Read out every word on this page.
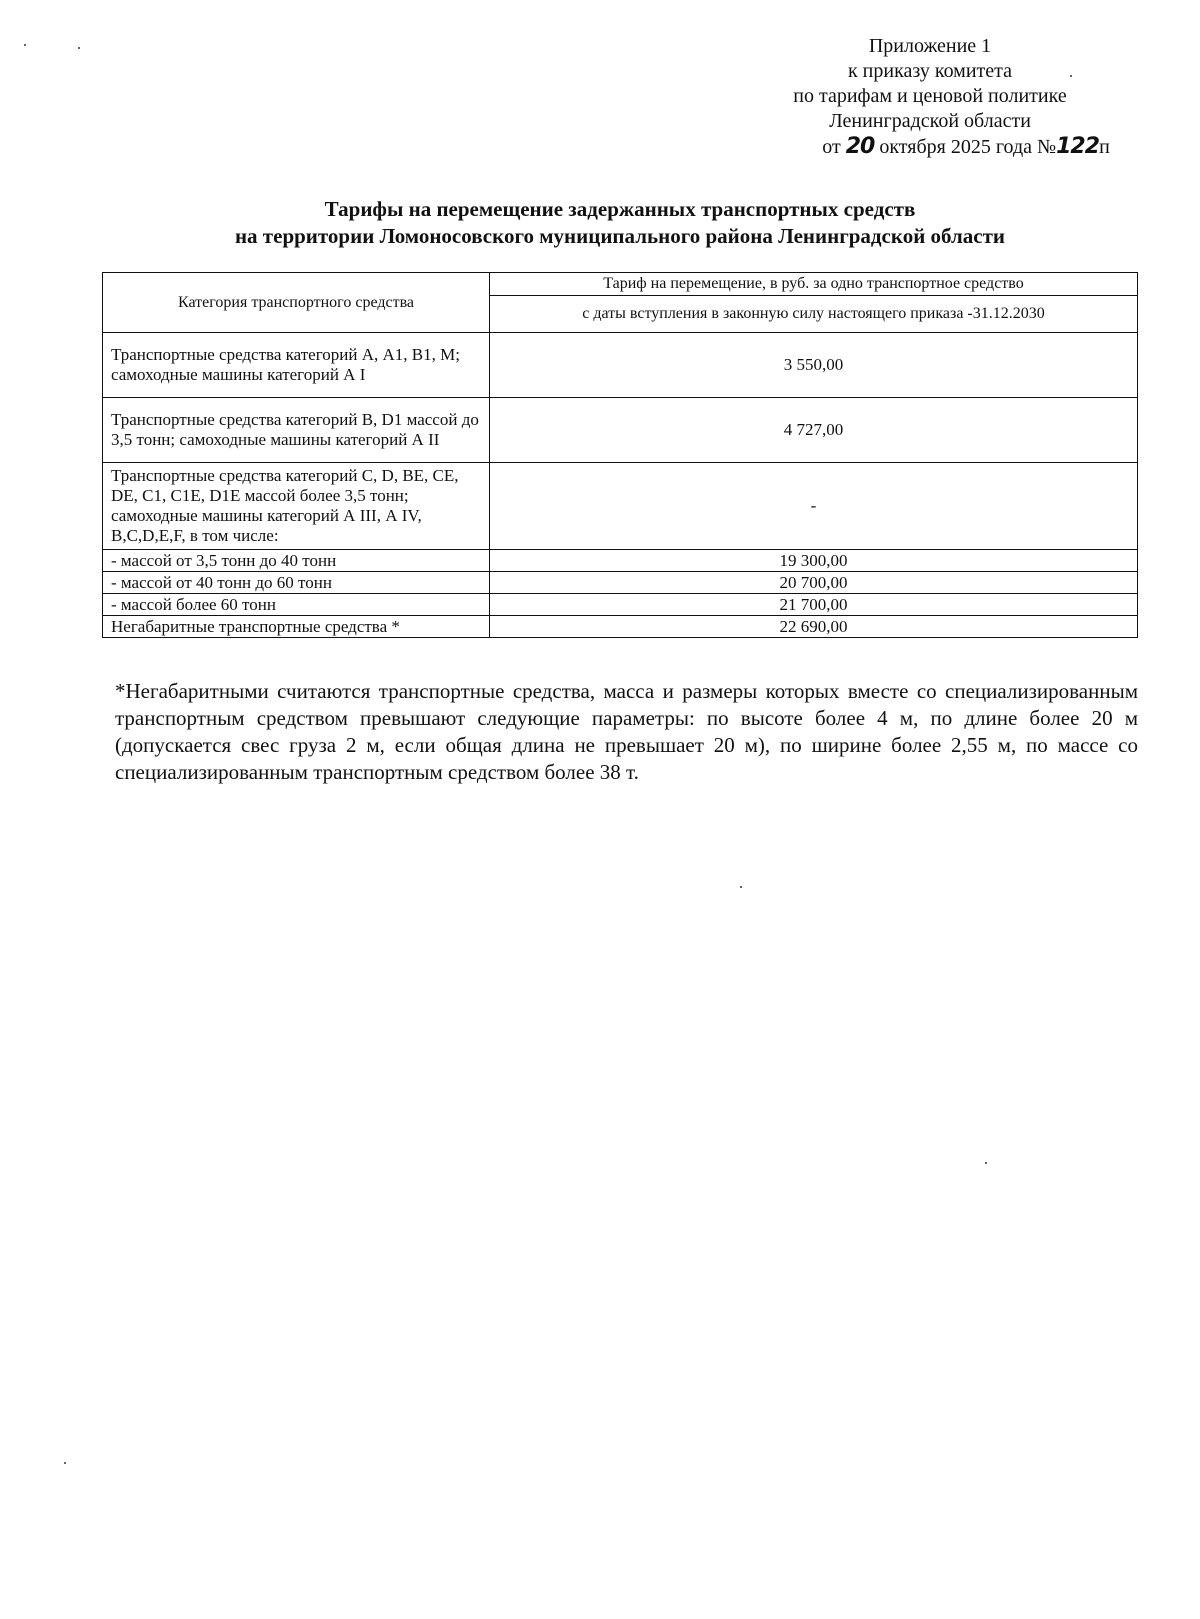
Приложение 1
к приказу комитета
по тарифам и ценовой политике
Ленинградской области
от 20 октября 2025 года №122п
Тарифы на перемещение задержанных транспортных средств
на территории Ломоносовского муниципального района Ленинградской области
Категория транспортного средства	Тариф на перемещение, в руб. за одно транспортное средство
	с даты вступления в законную силу настоящего приказа -31.12.2030
Транспортные средства категорий А, А1, В1, М; самоходные машины категорий А I	3 550,00
Транспортные средства категорий В, D1 массой до 3,5 тонн; самоходные машины категорий А II	4 727,00
Транспортные средства категорий С, D, BE, CE, DE, C1, C1E, D1E массой более 3,5 тонн; самоходные машины категорий А III, А IV, B,C,D,E,F, в том числе:	-
- массой от 3,5 тонн до 40 тонн	19 300,00
- массой от 40 тонн до 60 тонн	20 700,00
- массой более 60 тонн	21 700,00
Негабаритные транспортные средства *	22 690,00
*Негабаритными считаются транспортные средства, масса и размеры которых вместе со специализированным транспортным средством превышают следующие параметры: по высоте более 4 м, по длине более 20 м (допускается свес груза 2 м, если общая длина не превышает 20 м), по ширине более 2,55 м, по массе со специализированным транспортным средством более 38 т.
